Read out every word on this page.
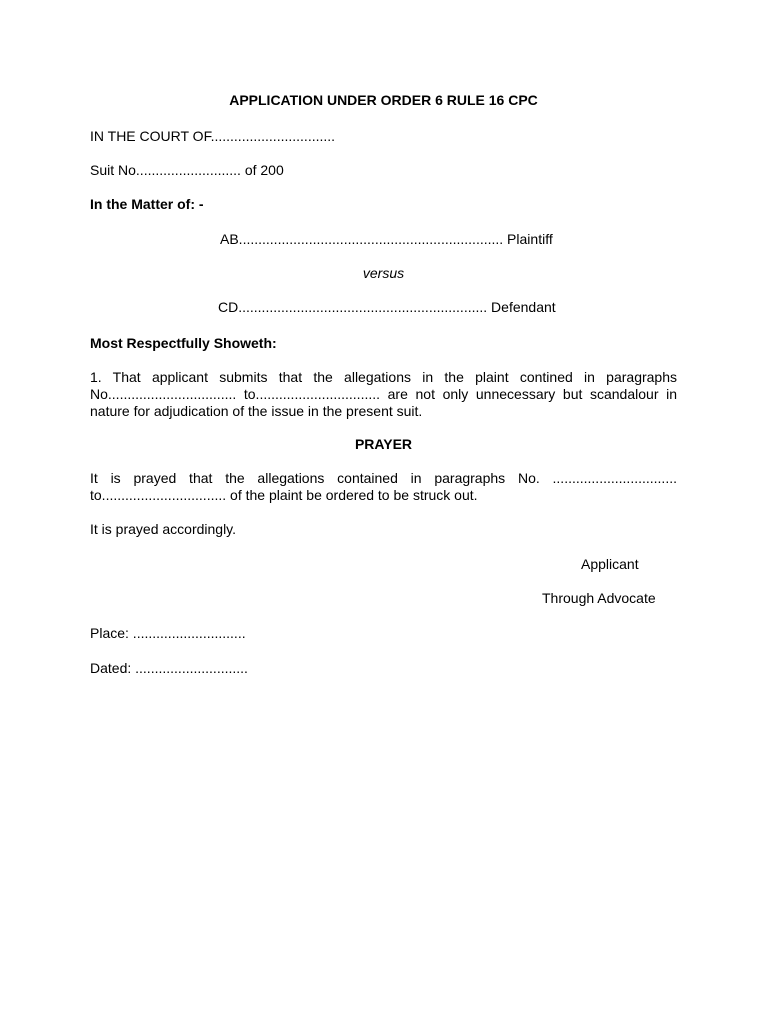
APPLICATION UNDER ORDER 6 RULE 16 CPC
IN THE COURT OF................................
Suit No........................... of 200
In the Matter of: -
AB.................................................................... Plaintiff
versus
CD................................................................ Defendant
Most Respectfully Showeth:
1. That applicant submits that the allegations in the plaint contined in paragraphs
No................................. to................................ are not only unnecessary but scandalour in
nature for adjudication of the issue in the present suit.
PRAYER
It is prayed that the allegations contained in paragraphs No. ................................
to................................ of the plaint be ordered to be struck out.
It is prayed accordingly.
Applicant
Through Advocate
Place: .............................
Dated: .............................
